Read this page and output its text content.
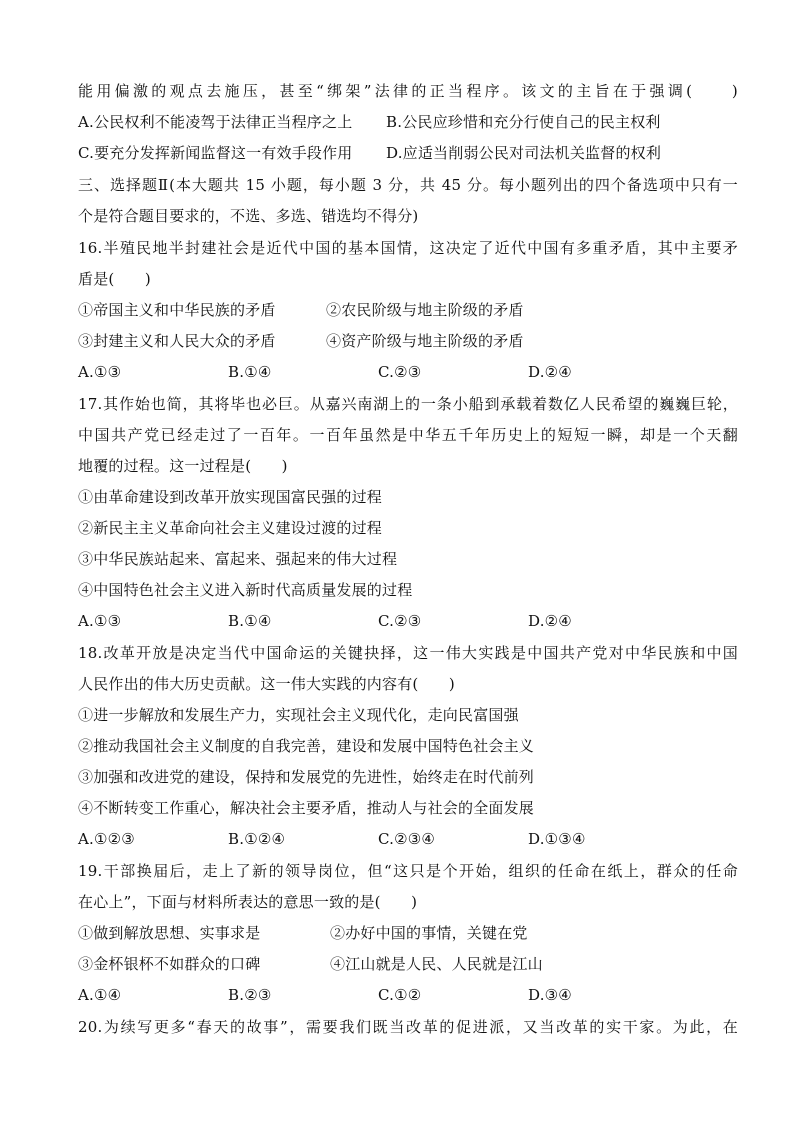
能用偏激的观点去施压，甚至“绑架”法律的正当程序。该文的主旨在于强调(　　)
A.公民权利不能凌驾于法律正当程序之上	B.公民应珍惜和充分行使自己的民主权利
C.要充分发挥新闻监督这一有效手段作用	D.应适当削弱公民对司法机关监督的权利
三、选择题Ⅱ(本大题共 15 小题，每小题 3 分，共 45 分。每小题列出的四个备选项中只有一
个是符合题目要求的，不选、多选、错选均不得分)
16.半殖民地半封建社会是近代中国的基本国情，这决定了近代中国有多重矛盾，其中主要矛
盾是(　　)
①帝国主义和中华民族的矛盾	②农民阶级与地主阶级的矛盾
③封建主义和人民大众的矛盾	④资产阶级与地主阶级的矛盾
A.①③	B.①④	C.②③	D.②④
17.其作始也简，其将毕也必巨。从嘉兴南湖上的一条小船到承载着数亿人民希望的巍巍巨轮，
中国共产党已经走过了一百年。一百年虽然是中华五千年历史上的短短一瞬，却是一个天翻
地覆的过程。这一过程是(　　)
①由革命建设到改革开放实现国富民强的过程
②新民主主义革命向社会主义建设过渡的过程
③中华民族站起来、富起来、强起来的伟大过程
④中国特色社会主义进入新时代高质量发展的过程
A.①③	B.①④	C.②③	D.②④
18.改革开放是决定当代中国命运的关键抉择，这一伟大实践是中国共产党对中华民族和中国
人民作出的伟大历史贡献。这一伟大实践的内容有(　　)
①进一步解放和发展生产力，实现社会主义现代化，走向民富国强
②推动我国社会主义制度的自我完善，建设和发展中国特色社会主义
③加强和改进党的建设，保持和发展党的先进性，始终走在时代前列
④不断转变工作重心，解决社会主要矛盾，推动人与社会的全面发展
A.①②③	B.①②④	C.②③④	D.①③④
19.干部换届后，走上了新的领导岗位，但“这只是个开始，组织的任命在纸上，群众的任命
在心上”，下面与材料所表达的意思一致的是(　　)
①做到解放思想、实事求是	②办好中国的事情，关键在党
③金杯银杯不如群众的口碑	④江山就是人民、人民就是江山
A.①④	B.②③	C.①②	D.③④
20.为续写更多“春天的故事”，需要我们既当改革的促进派，又当改革的实干家。为此，在
